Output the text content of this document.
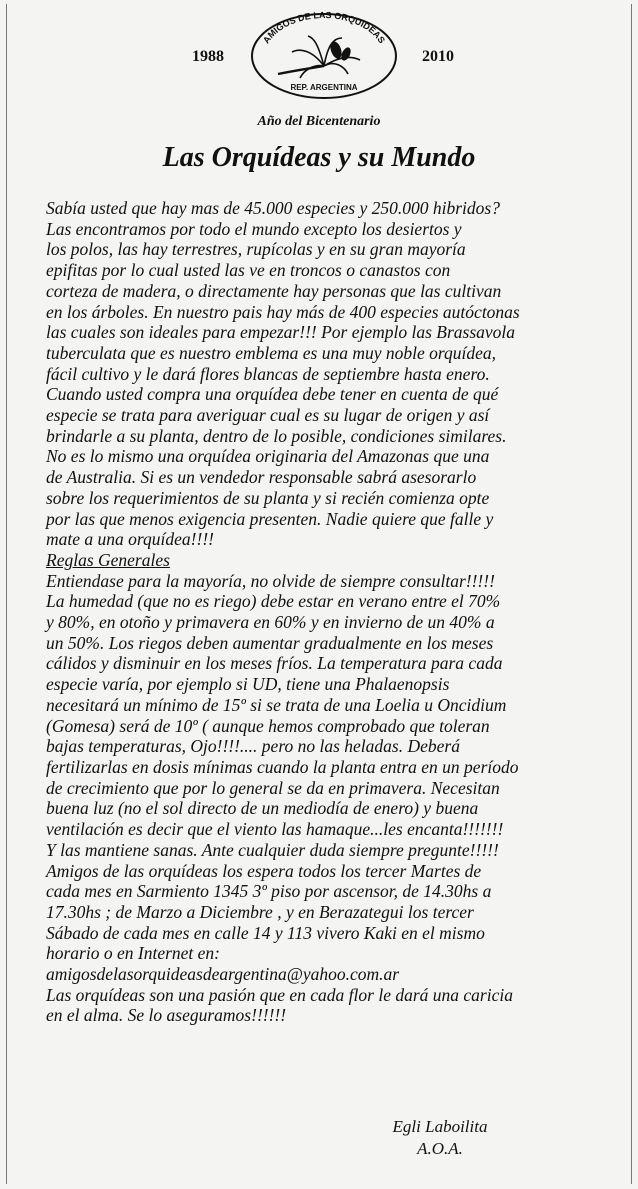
1988
AMIGOS DE LAS ORQUIDEAS
REP. ARGENTINA
2010
Año del Bicentenario
Las Orquídeas y su Mundo
Sabía usted que hay mas de 45.000 especies y 250.000 hibridos?
Las encontramos por todo el mundo excepto los desiertos y
los polos, las hay terrestres, rupícolas y en su gran mayoría
epifitas por lo cual usted las ve en troncos o canastos con
corteza de madera, o directamente hay personas que las cultivan
en los árboles. En nuestro pais hay más de 400 especies autóctonas
las cuales son ideales para empezar!!! Por ejemplo las Brassavola
tuberculata que es nuestro emblema es una muy noble orquídea,
fácil cultivo y le dará flores blancas de septiembre hasta enero.
Cuando usted compra una orquídea debe tener en cuenta de qué
especie se trata para averiguar cual es su lugar de origen y así
brindarle a su planta, dentro de lo posible, condiciones similares.
No es lo mismo una orquídea originaria del Amazonas que una
de Australia. Si es un vendedor responsable sabrá asesorarlo
sobre los requerimientos de su planta y si recién comienza opte
por las que menos exigencia presenten. Nadie quiere que falle y
mate a una orquídea!!!!
Reglas Generales
Entiendase para la mayoría, no olvide de siempre consultar!!!!!
La humedad (que no es riego) debe estar en verano entre el 70%
y 80%, en otoño y primavera en 60% y en invierno de un 40% a
un 50%. Los riegos deben aumentar gradualmente en los meses
cálidos y disminuir en los meses fríos. La temperatura para cada
especie varía, por ejemplo si UD, tiene una Phalaenopsis
necesitará un mínimo de 15º si se trata de una Loelia u Oncidium
(Gomesa) será de 10º ( aunque hemos comprobado que toleran
bajas temperaturas, Ojo!!!!.... pero no las heladas. Deberá
fertilizarlas en dosis mínimas cuando la planta entra en un período
de crecimiento que por lo general se da en primavera. Necesitan
buena luz (no el sol directo de un mediodía de enero) y buena
ventilación es decir que el viento las hamaque...les encanta!!!!!!!
Y las mantiene sanas. Ante cualquier duda siempre pregunte!!!!!
Amigos de las orquídeas los espera todos los tercer Martes de
cada mes en Sarmiento 1345 3º piso por ascensor, de 14.30hs a
17.30hs ; de Marzo a Diciembre , y en Berazategui los tercer
Sábado de cada mes en calle 14 y 113 vivero Kaki en el mismo
horario o en Internet en:
amigosdelasorquideasdeargentina@yahoo.com.ar
Las orquídeas son una pasión que en cada flor le dará una caricia
en el alma. Se lo aseguramos!!!!!!
Egli Laboilita
A.O.A.
